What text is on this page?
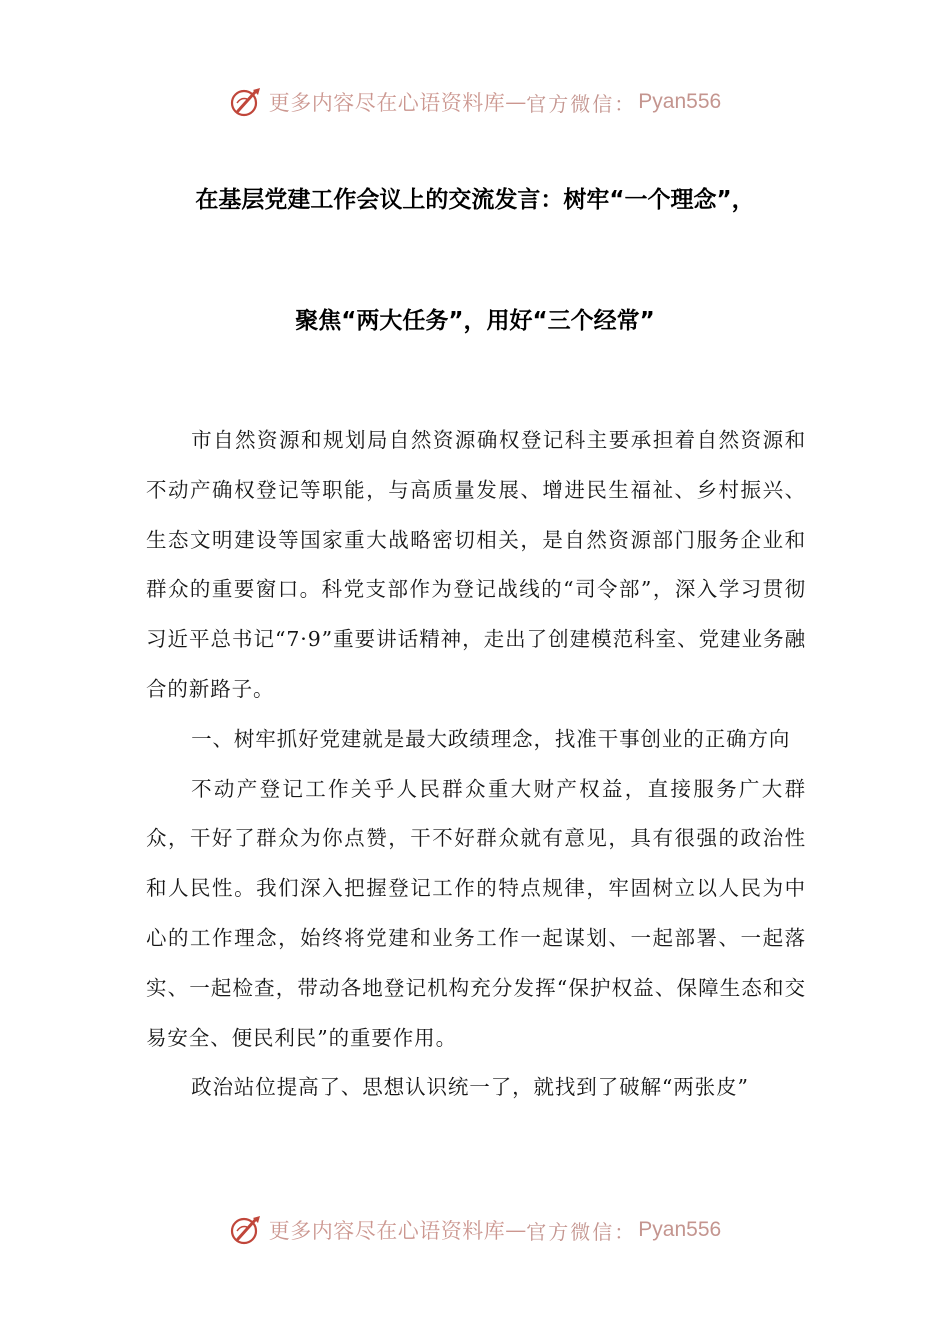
更多内容尽在心语资料库 — 官方微信： Pyan556
在基层党建工作会议上的交流发言：树牢“一个理念”，
聚焦“两大任务”，用好“三个经常”

市自然资源和规划局自然资源确权登记科主要承担着自然资源和不动产确权登记等职能，与高质量发展、增进民生福祉、乡村振兴、生态文明建设等国家重大战略密切相关，是自然资源部门服务企业和群众的重要窗口。科党支部作为登记战线的“司令部”，深入学习贯彻习近平总书记“7·9”重要讲话精神，走出了创建模范科室、党建业务融合的新路子。

一、树牢抓好党建就是最大政绩理念，找准干事创业的正确方向

不动产登记工作关乎人民群众重大财产权益，直接服务广大群众，干好了群众为你点赞，干不好群众就有意见，具有很强的政治性和人民性。我们深入把握登记工作的特点规律，牢固树立以人民为中心的工作理念，始终将党建和业务工作一起谋划、一起部署、一起落实、一起检查，带动各地登记机构充分发挥“保护权益、保障生态和交易安全、便民利民”的重要作用。

政治站位提高了、思想认识统一了，就找到了破解“两张皮”

更多内容尽在心语资料库 — 官方微信： Pyan556
